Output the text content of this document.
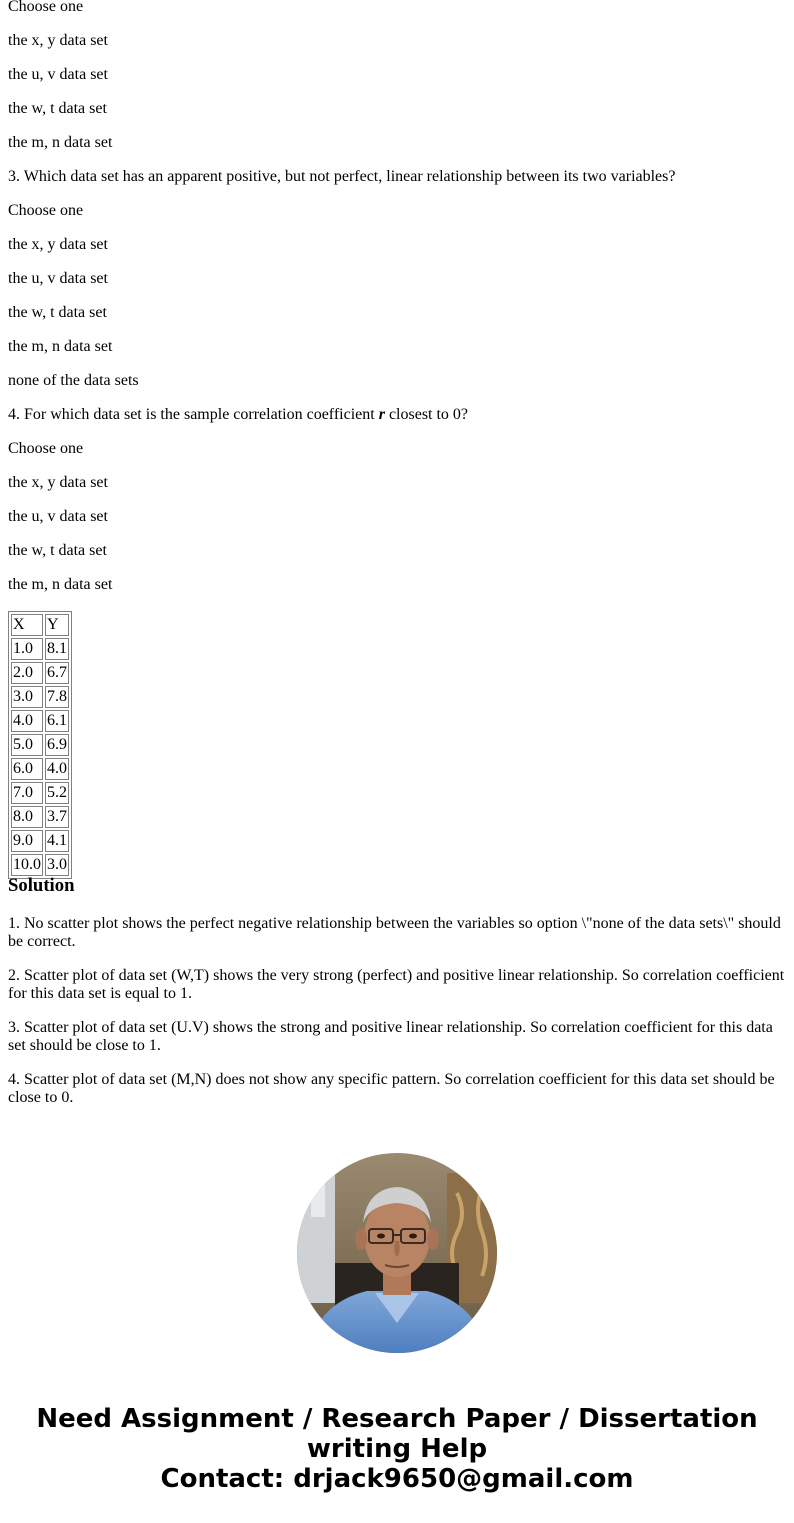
Choose one
the x, y data set
the u, v data set
the w, t data set
the m, n data set
3. Which data set has an apparent positive, but not perfect, linear relationship between its two variables?
Choose one
the x, y data set
the u, v data set
the w, t data set
the m, n data set
none of the data sets
4. For which data set is the sample correlation coefficient r closest to 0?
Choose one
the x, y data set
the u, v data set
the w, t data set
the m, n data set
X	Y
1.0	8.1
2.0	6.7
3.0	7.8
4.0	6.1
5.0	6.9
6.0	4.0
7.0	5.2
8.0	3.7
9.0	4.1
10.0	3.0
Solution
1. No scatter plot shows the perfect negative relationship between the variables so option \"none of the data sets\" should be correct.
2. Scatter plot of data set (W,T) shows the very strong (perfect) and positive linear relationship. So correlation coefficient for this data set is equal to 1.
3. Scatter plot of data set (U.V) shows the strong and positive linear relationship. So correlation coefficient for this data set should be close to 1.
4. Scatter plot of data set (M,N) does not show any specific pattern. So correlation coefficient for this data set should be close to 0.
Need Assignment / Research Paper / Dissertation
writing Help
Contact: drjack9650@gmail.com
